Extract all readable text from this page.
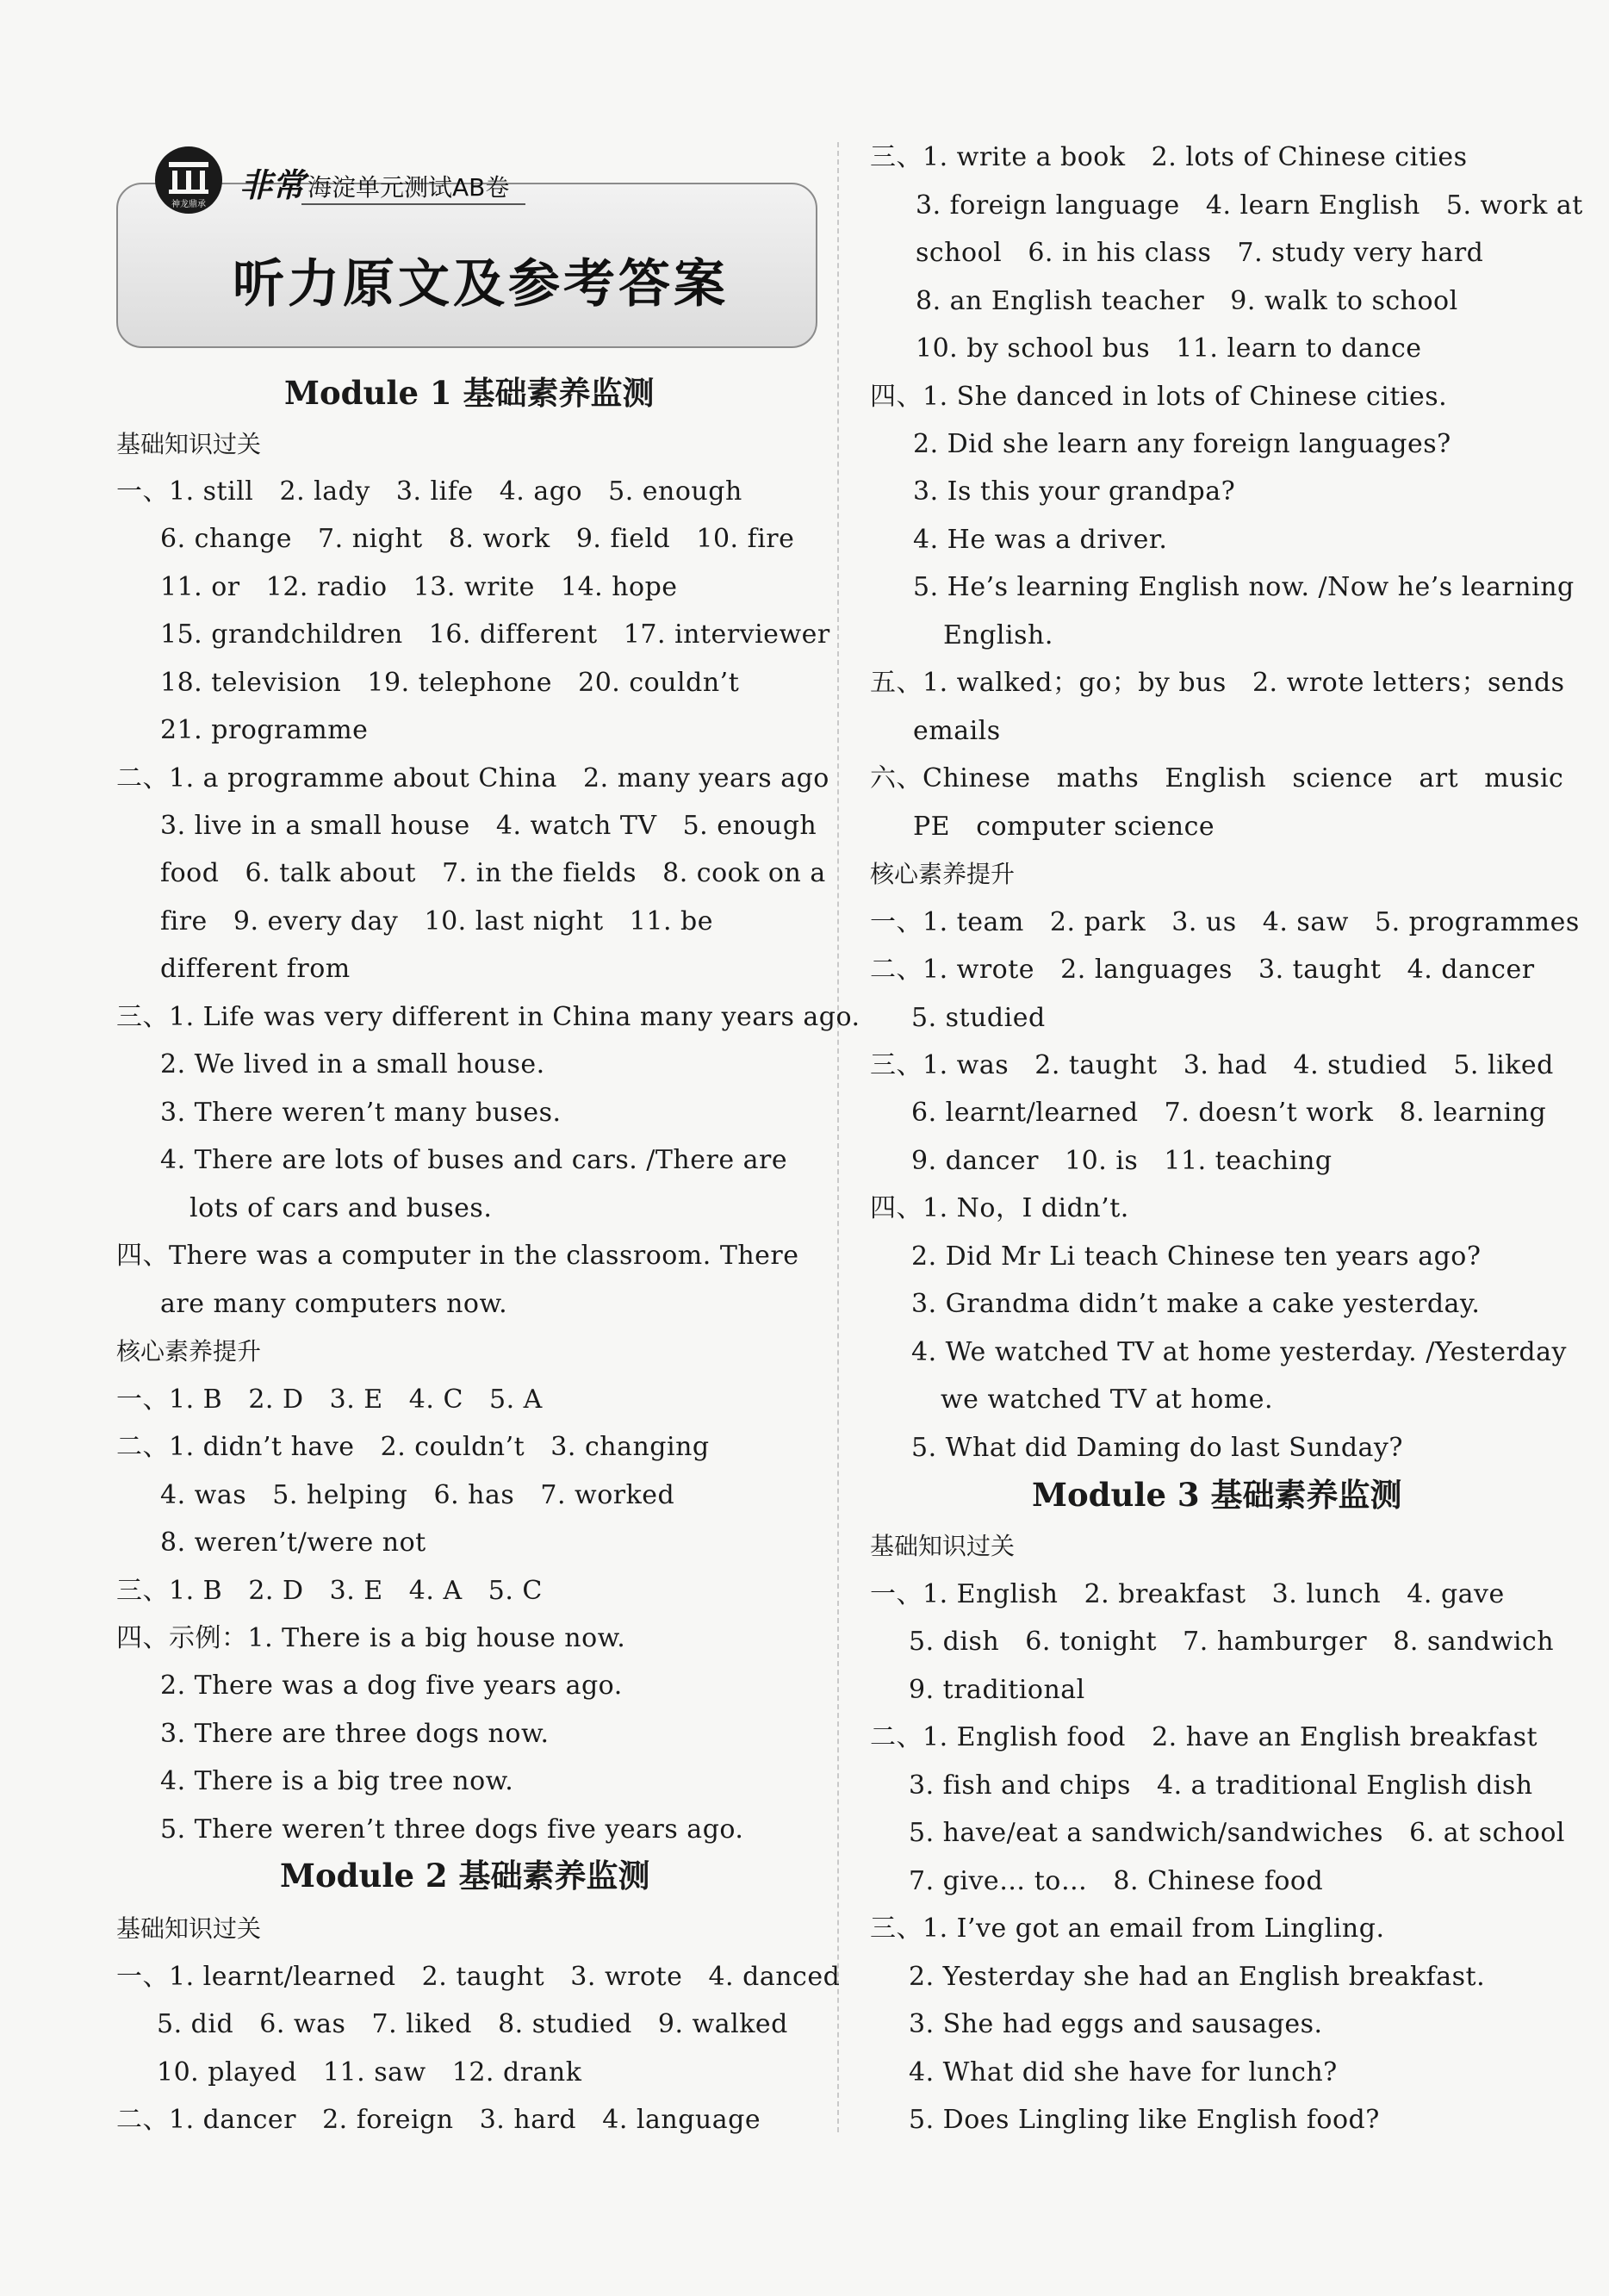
神龙鼎承
非常 海淀单元测试AB卷
听力原文及参考答案
Module 1 基础素养监测
基础知识过关
一、1. still   2. lady   3. life   4. ago   5. enough
6. change   7. night   8. work   9. field   10. fire
11. or   12. radio   13. write   14. hope
15. grandchildren   16. different   17. interviewer
18. television   19. telephone   20. couldn’t
21. programme
二、1. a programme about China   2. many years ago
3. live in a small house   4. watch TV   5. enough
food   6. talk about   7. in the fields   8. cook on a
fire   9. every day   10. last night   11. be
different from
三、1. Life was very different in China many years ago.
2. We lived in a small house.
3. There weren’t many buses.
4. There are lots of buses and cars. /There are
lots of cars and buses.
四、There was a computer in the classroom. There
are many computers now.
核心素养提升
一、1. B   2. D   3. E   4. C   5. A
二、1. didn’t have   2. couldn’t   3. changing
4. was   5. helping   6. has   7. worked
8. weren’t/were not
三、1. B   2. D   3. E   4. A   5. C
四、示例：1. There is a big house now.
2. There was a dog five years ago.
3. There are three dogs now.
4. There is a big tree now.
5. There weren’t three dogs five years ago.
Module 2 基础素养监测
基础知识过关
一、1. learnt/learned   2. taught   3. wrote   4. danced
5. did   6. was   7. liked   8. studied   9. walked
10. played   11. saw   12. drank
二、1. dancer   2. foreign   3. hard   4. language
三、1. write a book   2. lots of Chinese cities
3. foreign language   4. learn English   5. work at
school   6. in his class   7. study very hard
8. an English teacher   9. walk to school
10. by school bus   11. learn to dance
四、1. She danced in lots of Chinese cities.
2. Did she learn any foreign languages?
3. Is this your grandpa?
4. He was a driver.
5. He’s learning English now. /Now he’s learning
English.
五、1. walked；go；by bus   2. wrote letters；sends
emails
六、Chinese   maths   English   science   art   music
PE   computer science
核心素养提升
一、1. team   2. park   3. us   4. saw   5. programmes
二、1. wrote   2. languages   3. taught   4. dancer
5. studied
三、1. was   2. taught   3. had   4. studied   5. liked
6. learnt/learned   7. doesn’t work   8. learning
9. dancer   10. is   11. teaching
四、1. No，I didn’t.
2. Did Mr Li teach Chinese ten years ago?
3. Grandma didn’t make a cake yesterday.
4. We watched TV at home yesterday. /Yesterday
we watched TV at home.
5. What did Daming do last Sunday?
Module 3 基础素养监测
基础知识过关
一、1. English   2. breakfast   3. lunch   4. gave
5. dish   6. tonight   7. hamburger   8. sandwich
9. traditional
二、1. English food   2. have an English breakfast
3. fish and chips   4. a traditional English dish
5. have/eat a sandwich/sandwiches   6. at school
7. give… to…   8. Chinese food
三、1. I’ve got an email from Lingling.
2. Yesterday she had an English breakfast.
3. She had eggs and sausages.
4. What did she have for lunch?
5. Does Lingling like English food?
